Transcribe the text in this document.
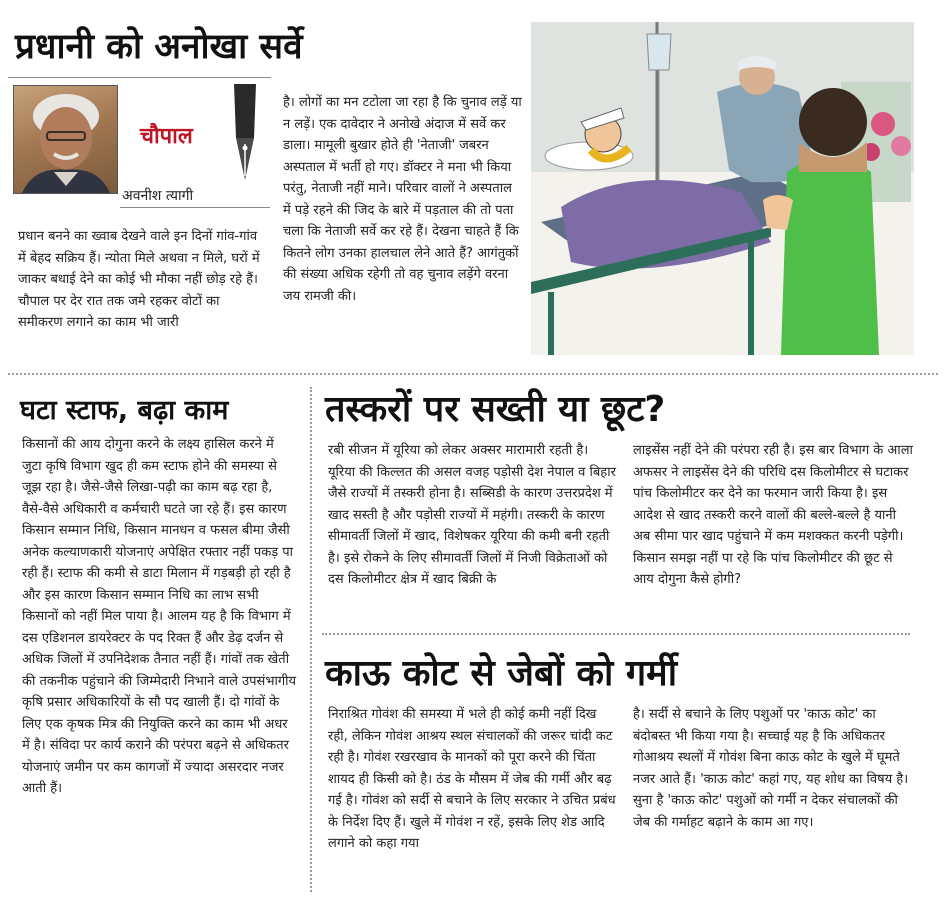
प्रधानी को अनोखा सर्वे
चौपाल
अवनीश त्यागी
प्रधान बनने का ख्वाब देखने वाले इन दिनों गांव-गांव में बेहद सक्रिय हैं। न्योता मिले अथवा न मिले, घरों में जाकर बधाई देने का कोई भी मौका नहीं छोड़ रहे हैं। चौपाल पर देर रात तक जमे रहकर वोटों का समीकरण लगाने का काम भी जारी
है। लोगों का मन टटोला जा रहा है कि चुनाव लड़ें या न लड़ें। एक दावेदार ने अनोखे अंदाज में सर्वे कर डाला। मामूली बुखार होते ही 'नेताजी' जबरन अस्पताल में भर्ती हो गए। डॉक्टर ने मना भी किया परंतु, नेताजी नहीं माने। परिवार वालों ने अस्पताल में पड़े रहने की जिद के बारे में पड़ताल की तो पता चला कि नेताजी सर्वे कर रहे हैं। देखना चाहते हैं कि कितने लोग उनका हालचाल लेने आते हैं? आगंतुकों की संख्या अधिक रहेगी तो वह चुनाव लड़ेंगे वरना जय रामजी की।
घटा स्टाफ, बढ़ा काम
किसानों की आय दोगुना करने के लक्ष्य हासिल करने में जुटा कृषि विभाग खुद ही कम स्टाफ होने की समस्या से जूझ रहा है। जैसे-जैसे लिखा-पढ़ी का काम बढ़ रहा है, वैसे-वैसे अधिकारी व कर्मचारी घटते जा रहे हैं। इस कारण किसान सम्मान निधि, किसान मानधन व फसल बीमा जैसी अनेक कल्याणकारी योजनाएं अपेक्षित रफ्तार नहीं पकड़ पा रही हैं। स्टाफ की कमी से डाटा मिलान में गड़बड़ी हो रही है और इस कारण किसान सम्मान निधि का लाभ सभी किसानों को नहीं मिल पाया है। आलम यह है कि विभाग में दस एडिशनल डायरेक्टर के पद रिक्त हैं और डेढ़ दर्जन से अधिक जिलों में उपनिदेशक तैनात नहीं हैं। गांवों तक खेती की तकनीक पहुंचाने की जिम्मेदारी निभाने वाले उपसंभागीय कृषि प्रसार अधिकारियों के सौ पद खाली हैं। दो गांवों के लिए एक कृषक मित्र की नियुक्ति करने का काम भी अधर में है। संविदा पर कार्य कराने की परंपरा बढ़ने से अधिकतर योजनाएं जमीन पर कम कागजों में ज्यादा असरदार नजर आती हैं।
तस्करों पर सख्ती या छूट?
रबी सीजन में यूरिया को लेकर अक्सर मारामारी रहती है। यूरिया की किल्लत की असल वजह पड़ोसी देश नेपाल व बिहार जैसे राज्यों में तस्करी होना है। सब्सिडी के कारण उत्तरप्रदेश में खाद सस्ती है और पड़ोसी राज्यों में महंगी। तस्करी के कारण सीमावर्ती जिलों में खाद, विशेषकर यूरिया की कमी बनी रहती है। इसे रोकने के लिए सीमावर्ती जिलों में निजी विक्रेताओं को दस किलोमीटर क्षेत्र में खाद बिक्री के
लाइसेंस नहीं देने की परंपरा रही है। इस बार विभाग के आला अफसर ने लाइसेंस देने की परिधि दस किलोमीटर से घटाकर पांच किलोमीटर कर देने का फरमान जारी किया है। इस आदेश से खाद तस्करी करने वालों की बल्ले-बल्ले है यानी अब सीमा पार खाद पहुंचाने में कम मशक्कत करनी पड़ेगी। किसान समझ नहीं पा रहे कि पांच किलोमीटर की छूट से आय दोगुना कैसे होगी?
काऊ कोट से जेबों को गर्मी
निराश्रित गोवंश की समस्या में भले ही कोई कमी नहीं दिख रही, लेकिन गोवंश आश्रय स्थल संचालकों की जरूर चांदी कट रही है। गोवंश रखरखाव के मानकों को पूरा करने की चिंता शायद ही किसी को है। ठंड के मौसम में जेब की गर्मी और बढ़ गई है। गोवंश को सर्दी से बचाने के लिए सरकार ने उचित प्रबंध के निर्देश दिए हैं। खुले में गोवंश न रहें, इसके लिए शेड आदि लगाने को कहा गया
है। सर्दी से बचाने के लिए पशुओं पर 'काऊ कोट' का बंदोबस्त भी किया गया है। सच्चाई यह है कि अधिकतर गोआश्रय स्थलों में गोवंश बिना काऊ कोट के खुले में घूमते नजर आते हैं। 'काऊ कोट' कहां गए, यह शोध का विषय है। सुना है 'काऊ कोट' पशुओं को गर्मी न देकर संचालकों की जेब की गर्माहट बढ़ाने के काम आ गए।
